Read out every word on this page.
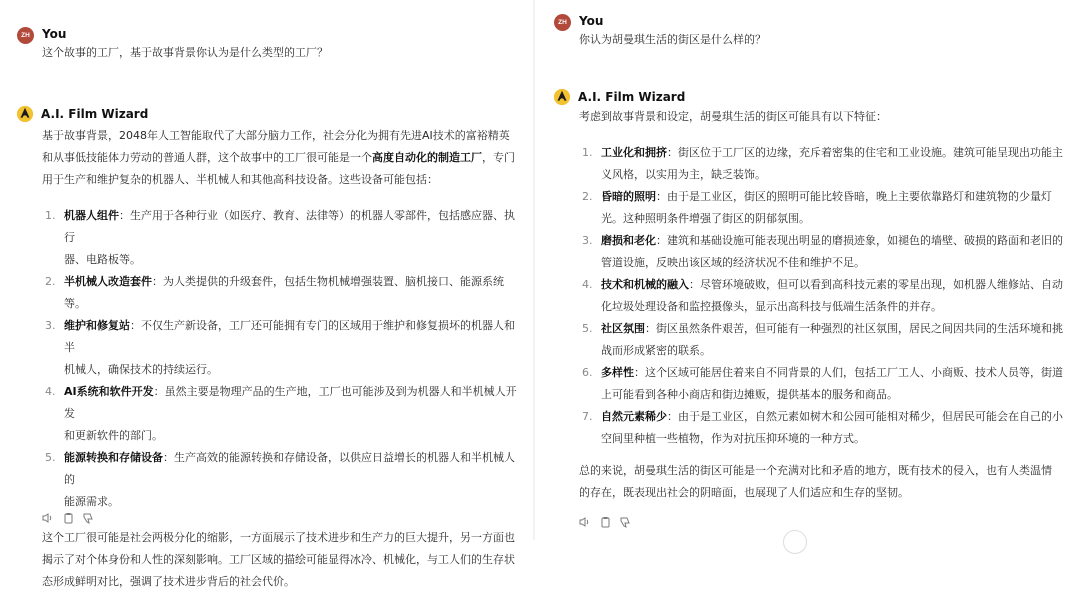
ZH	You
这个故事的工厂，基于故事背景你认为是什么类型的工厂？
A.I. Film Wizard

基于故事背景，2048年人工智能取代了大部分脑力工作，社会分化为拥有先进AI技术的富裕精英
和从事低技能体力劳动的普通人群，这个故事中的工厂很可能是一个高度自动化的制造工厂，专门
用于生产和维护复杂的机器人、半机械人和其他高科技设备。这些设备可能包括：

1. 机器人组件：生产用于各种行业（如医疗、教育、法律等）的机器人零部件，包括感应器、执行
器、电路板等。
2. 半机械人改造套件：为人类提供的升级套件，包括生物机械增强装置、脑机接口、能源系统等。
3. 维护和修复站：不仅生产新设备，工厂还可能拥有专门的区域用于维护和修复损坏的机器人和半
机械人，确保技术的持续运行。
4. AI系统和软件开发：虽然主要是物理产品的生产地，工厂也可能涉及到为机器人和半机械人开发
和更新软件的部门。
5. 能源转换和存储设备：生产高效的能源转换和存储设备，以供应日益增长的机器人和半机械人的
能源需求。

这个工厂很可能是社会两极分化的缩影，一方面展示了技术进步和生产力的巨大提升，另一方面也
揭示了对个体身份和人性的深刻影响。工厂区域的描绘可能显得冰冷、机械化，与工人们的生存状
态形成鲜明对比，强调了技术进步背后的社会代价。

ZH	You
你认为胡曼琪生活的街区是什么样的？
A.I. Film Wizard

考虑到故事背景和设定，胡曼琪生活的街区可能具有以下特征：

1. 工业化和拥挤：街区位于工厂区的边缘，充斥着密集的住宅和工业设施。建筑可能呈现出功能主
义风格，以实用为主，缺乏装饰。
2. 昏暗的照明：由于是工业区，街区的照明可能比较昏暗，晚上主要依靠路灯和建筑物的少量灯
光。这种照明条件增强了街区的阴郁氛围。
3. 磨损和老化：建筑和基础设施可能表现出明显的磨损迹象，如褪色的墙壁、破损的路面和老旧的
管道设施，反映出该区域的经济状况不佳和维护不足。
4. 技术和机械的融入：尽管环境破败，但可以看到高科技元素的零星出现，如机器人维修站、自动
化垃圾处理设备和监控摄像头，显示出高科技与低端生活条件的并存。
5. 社区氛围：街区虽然条件艰苦，但可能有一种强烈的社区氛围，居民之间因共同的生活环境和挑
战而形成紧密的联系。
6. 多样性：这个区域可能居住着来自不同背景的人们，包括工厂工人、小商贩、技术人员等，街道
上可能看到各种小商店和街边摊贩，提供基本的服务和商品。
7. 自然元素稀少：由于是工业区，自然元素如树木和公园可能相对稀少，但居民可能会在自己的小
空间里种植一些植物，作为对抗压抑环境的一种方式。

总的来说，胡曼琪生活的街区可能是一个充满对比和矛盾的地方，既有技术的侵入，也有人类温情
的存在，既表现出社会的阴暗面，也展现了人们适应和生存的坚韧。
